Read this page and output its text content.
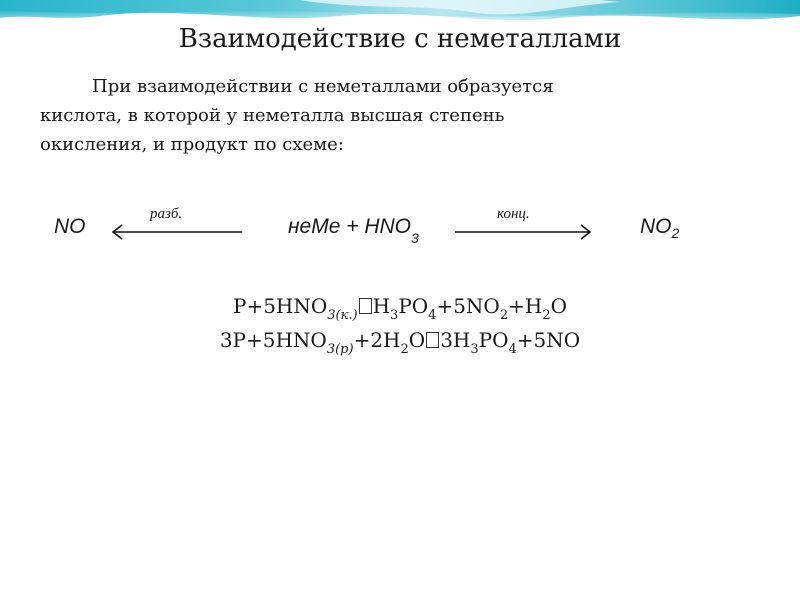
Взаимодействие с неметаллами
При взаимодействии с неметаллами образуется
кислота, в которой у неметалла высшая степень
окисления, и продукт по схеме:
NO
разб.
неМе + $HNO_3$
конц.
$NO_2$
$P+5HNO_{3(к.)}$ $H_3PO_4+5NO_2+H_2O$
$3P+5HNO_{3(р)}+2H_2O$ $3H_3PO_4+5NO$
